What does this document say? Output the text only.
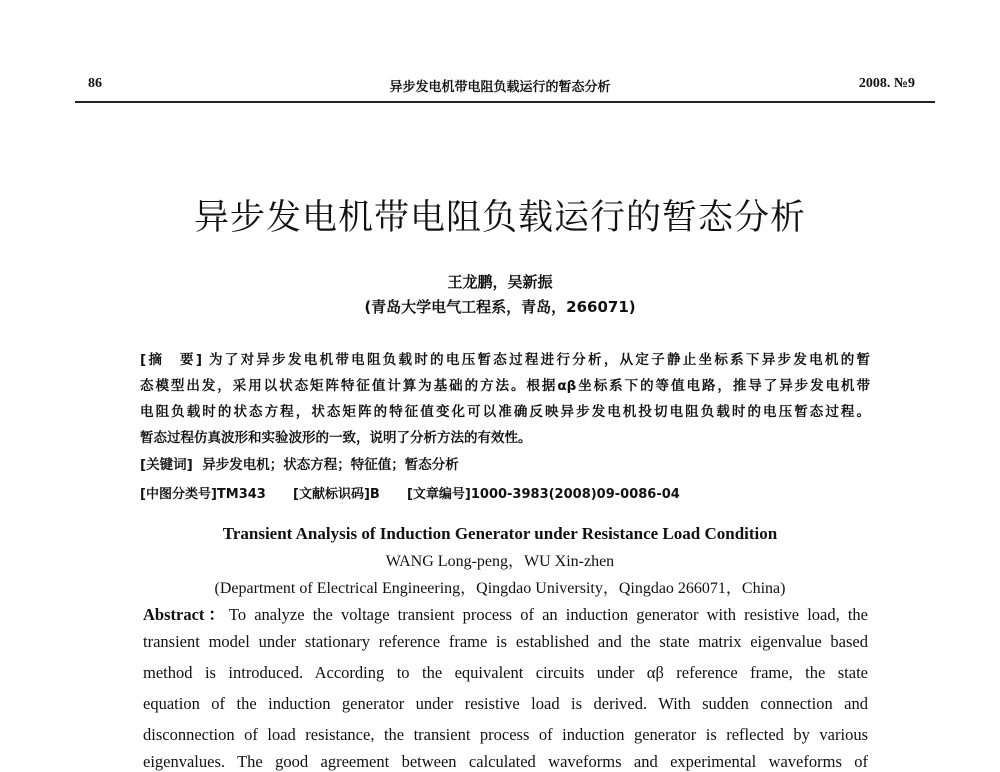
86	异步发电机带电阻负载运行的暂态分析	2008. №9
异步发电机带电阻负载运行的暂态分析
王龙鹏，吴新振
(青岛大学电气工程系，青岛，266071)
[摘　要] 为了对异步发电机带电阻负载时的电压暂态过程进行分析，从定子静止坐标系下异步发电机的暂
态模型出发，采用以状态矩阵特征值计算为基础的方法。根据αβ坐标系下的等值电路，推导了异步发电机带
电阻负载时的状态方程，状态矩阵的特征值变化可以准确反映异步发电机投切电阻负载时的电压暂态过程。
暂态过程仿真波形和实验波形的一致，说明了分析方法的有效性。
[关键词] 异步发电机；状态方程；特征值；暂态分析
[中图分类号]TM343 [文献标识码]B [文章编号]1000-3983(2008)09-0086-04
Transient Analysis of Induction Generator under Resistance Load Condition
WANG Long-peng，WU Xin-zhen
(Department of Electrical Engineering，Qingdao University，Qingdao 266071，China)
Abstract：To analyze the voltage transient process of an induction generator with resistive load, the
transient model under stationary reference frame is established and the state matrix eigenvalue based
method is introduced. According to the equivalent circuits under αβ reference frame, the state
equation of the induction generator under resistive load is derived. With sudden connection and
disconnection of load resistance, the transient process of induction generator is reflected by various
eigenvalues. The good agreement between calculated waveforms and experimental waveforms of
